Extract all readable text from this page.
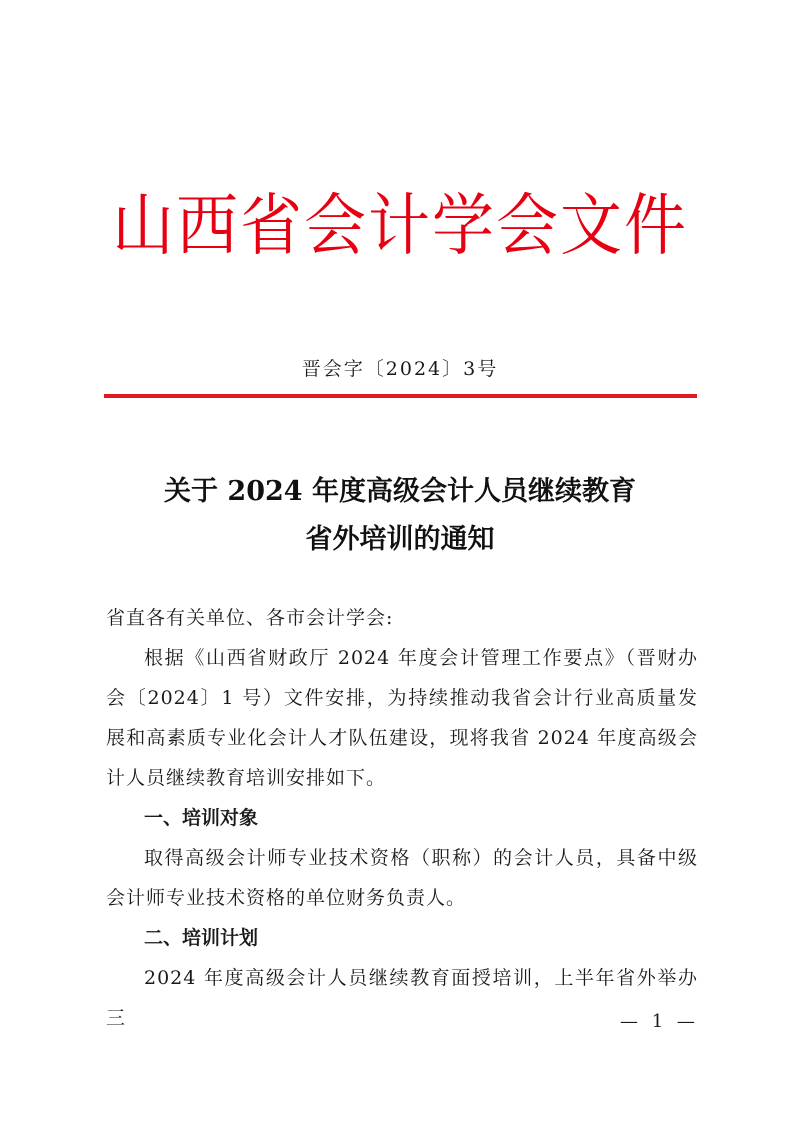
山西省会计学会文件
晋会字〔2024〕3号
关于 2024 年度高级会计人员继续教育
省外培训的通知

省直各有关单位、各市会计学会:

根据《山西省财政厅 2024 年度会计管理工作要点》（晋财办会〔2024〕1 号）文件安排，为持续推动我省会计行业高质量发展和高素质专业化会计人才队伍建设，现将我省 2024 年度高级会计人员继续教育培训安排如下。

一、培训对象

取得高级会计师专业技术资格（职称）的会计人员，具备中级会计师专业技术资格的单位财务负责人。

二、培训计划

2024 年度高级会计人员继续教育面授培训，上半年省外举办三	— 1 —
